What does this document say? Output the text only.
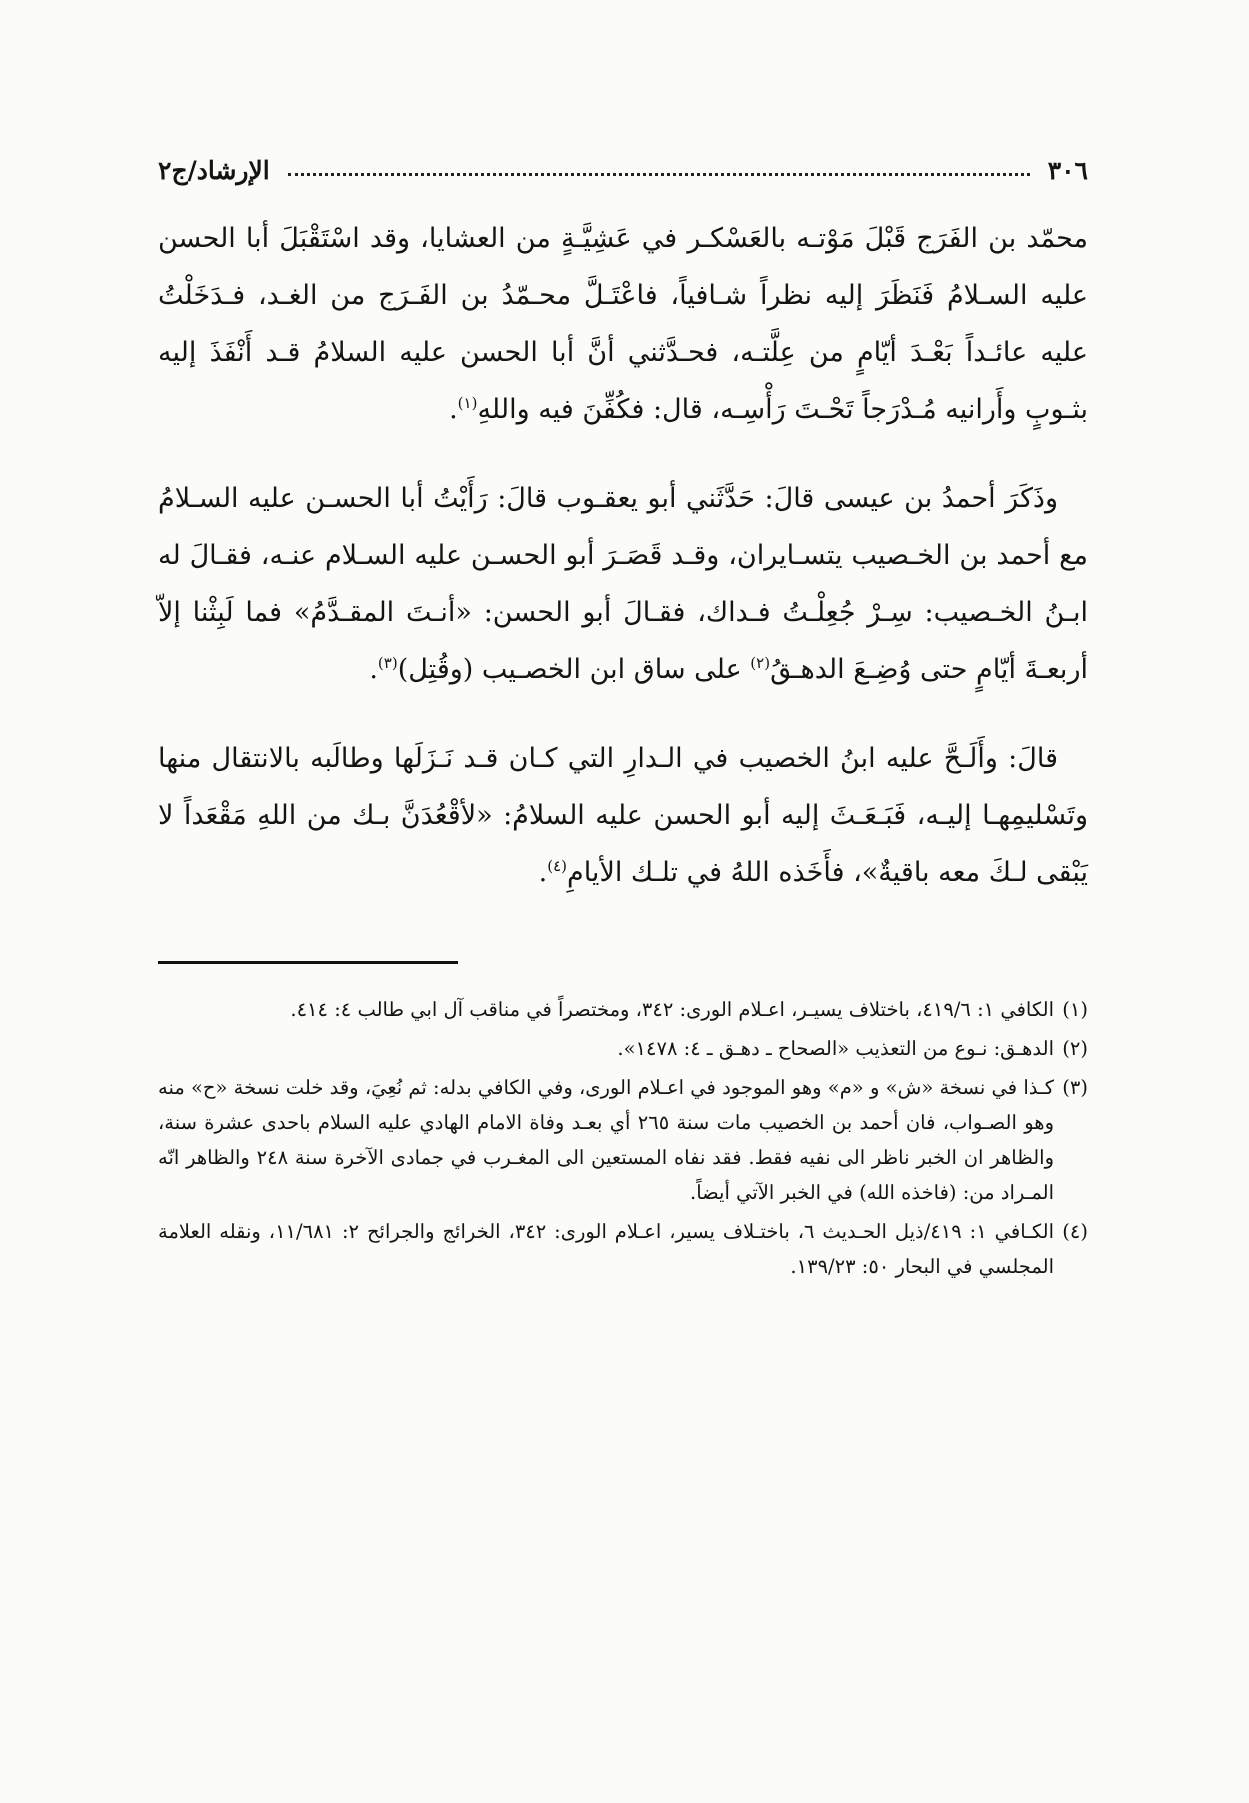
٣٠٦
الإرشاد/ج٢

محمّد بن الفَرَج قَبْلَ مَوْتـه بالعَسْكـر في عَشِيَّـةٍ من العشايا، وقد اسْتَقْبَلَ أبا الحسن عليه السـلامُ فَنَظَرَ إليه نظراً شـافياً، فاعْتَـلَّ محـمّدُ بن الفَـرَج من الغـد، فـدَخَلْتُ عليه عائـداً بَعْـدَ أيّامٍ من عِلَّتـه، فحـدَّثني أنَّ أبا الحسن عليه السلامُ قـد أَنْفَذَ إليه بثـوبٍ وأَرانيه مُـدْرَجاً تَحْـتَ رَأْسِـه، قال: فكُفِّنَ فيه واللهِ$^{(١)}$.

وذَكَرَ أحمدُ بن عيسى قالَ: حَدَّثَني أبو يعقـوب قالَ: رَأَيْتُ أبا الحسـن عليه السـلامُ مع أحمد بن الخـصيب يتسـايران، وقـد قَصَـرَ أبو الحسـن عليه السـلام عنـه، فقـالَ له ابـنُ الخـصيب: سِـرْ جُعِلْـتُ فـداك، فقـالَ أبو الحسن: «أنـتَ المقـدَّمُ» فما لَبِثْنا إلاّ أربعـةَ أيّامٍ حتى وُضِـعَ الدهـقُ$^{(٢)}$ على ساق ابن الخصـيب (وقُتِل)$^{(٣)}$.

قالَ: وأَلَـحَّ عليه ابنُ الخصيب في الـدارِ التي كـان قـد نَـزَلَها وطالَبه بالانتقال منها وتَسْليمِهـا إليـه، فَبَـعَـثَ إليه أبو الحسن عليه السلامُ: «لأقْعُدَنَّ بـك من اللهِ مَقْعَداً لا يَبْقى لـكَ معه باقيةٌ»، فأَخَذه اللهُ في تلـك الأيامِ$^{(٤)}$.

(١)
الكافي ١: ٤١٩/٦، باختلاف يسيـر، اعـلام الورى: ٣٤٢، ومختصراً في مناقب آل ابي طالب ٤: ٤١٤.
(٢)
الدهـق: نـوع من التعذيب «الصحاح ـ دهـق ـ ٤: ١٤٧٨».
(٣)
كـذا في نسخة «ش» و «م» وهو الموجود في اعـلام الورى، وفي الكافي بدله: ثم نُعِيَ، وقد خلت نسخة «ح» منه وهو الصـواب، فان أحمد بن الخصيب مات سنة ٢٦٥ أي بعـد وفاة الامام الهادي عليه السلام باحدى عشرة سنة، والظاهر ان الخبر ناظر الى نفيه فقط. فقد نفاه المستعين الى المغـرب في جمادى الآخرة سنة ٢٤٨ والظاهر انّه المـراد من: (فاخذه الله) في الخبر الآتي أيضاً.
(٤)
الكـافي ١: ٤١٩/ذيل الحـديث ٦، باختـلاف يسير، اعـلام الورى: ٣٤٢، الخرائج والجرائح ٢: ١١/٦٨١، ونقله العلامة المجلسي في البحار ٥٠: ١٣٩/٢٣.
